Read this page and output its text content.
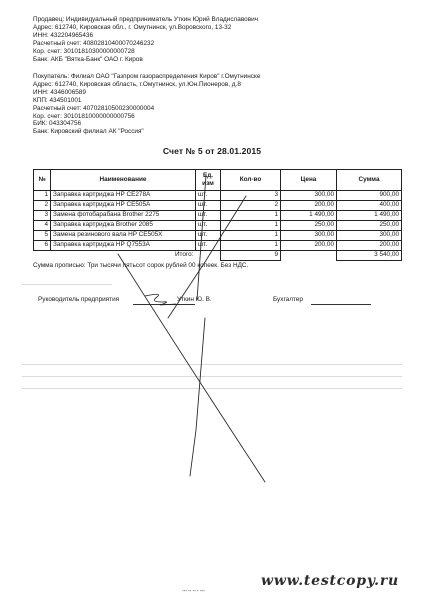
Продавец: Индивидуальный предприниматель Уткин Юрий Владиславович
Адрес: 612740, Кировская обл., г. Омутнинск, ул.Воровского, 13-32
ИНН: 432204965436
Расчетный счет: 40802810400070246232
Кор. счет: 30101810300000000728
Банк: АКБ "Вятка-Банк" ОАО г. Киров
Покупатель: Филиал ОАО "Газпром газораспределения Киров" г.Омутнинске
Адрес: 612740, Кировская область, г.Омутнинск, ул.Юн.Пионеров, д.8
ИНН: 4346006589
КПП: 434501001
Расчетный счет: 40702810500230000004
Кор. счет: 30101810000000000756
БИК: 043304756
Банк: Кировский филиал АК "Россия"
Счет № 5 от 28.01.2015
№	Наименование	Ед. изм	Кол-во	Цена	Сумма
1	Заправка картриджа HP CE278A	шт.	3	300,00	900,00
2	Заправка картриджа HP CE505A	шт.	2	200,00	400,00
3	Замена фотобарабана Brother 2275	шт.	1	1 490,00	1 490,00
4	Заправка картриджа Brother 2085	шт.	1	250,00	250,00
5	Замена резинового вала HP CE505X	шт.	1	300,00	300,00
6	Заправка картриджа HP Q7553A	шт.	1	200,00	200,00
	Итого:		9		3 540,00
Сумма прописью: Три тысячи пятьсот сорок рублей 00 копеек. Без НДС.
Руководитель предприятия	Уткин Ю. В.	Бухгалтер
▪▪▪ ▪▪ ▪▪ ▪ ▪▪▪
www.testcopy.ru
